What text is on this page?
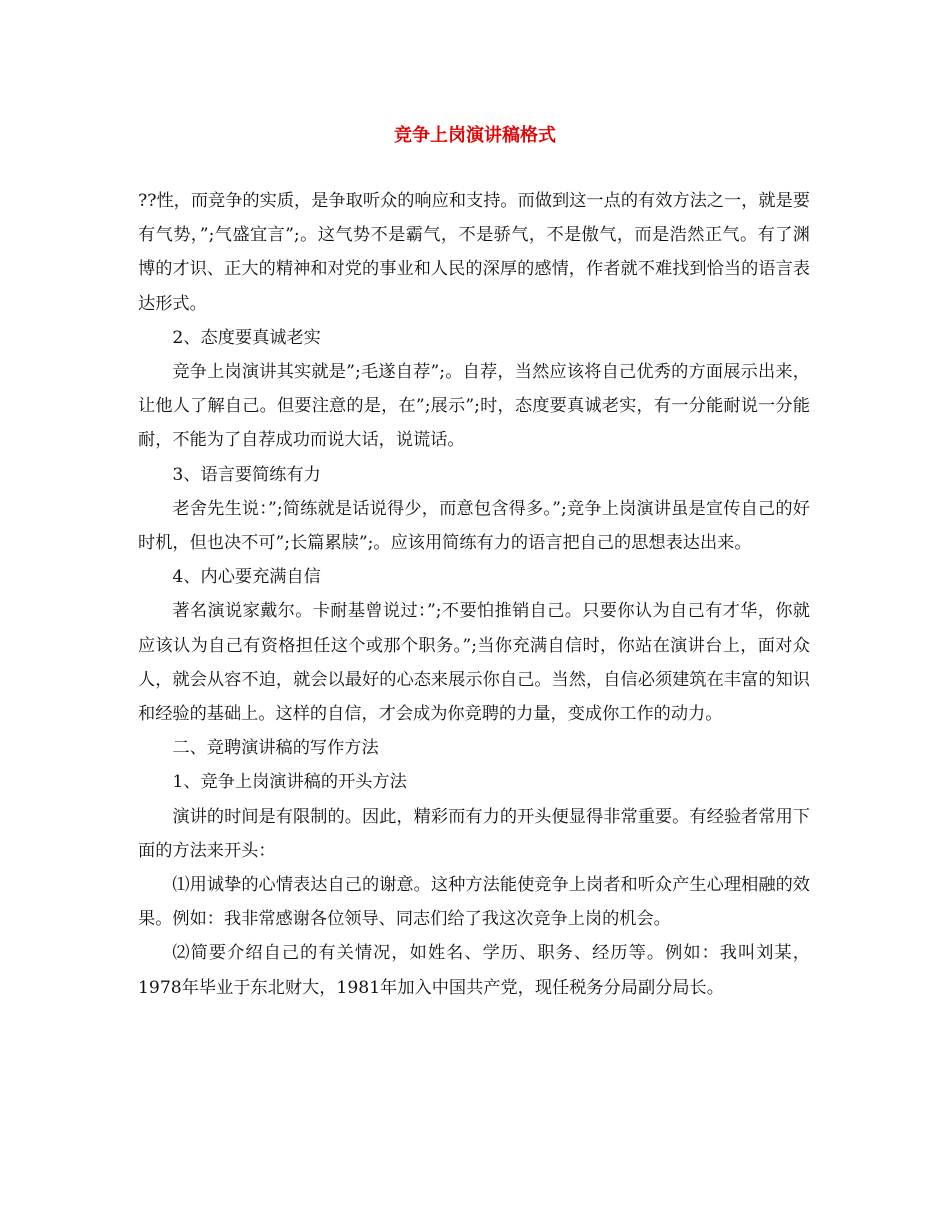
竞争上岗演讲稿格式

??性，而竞争的实质，是争取听众的响应和支持。而做到这一点的有效方法之一，就是要有气势，”;气盛宜言”;。这气势不是霸气，不是骄气，不是傲气，而是浩然正气。有了渊博的才识、正大的精神和对党的事业和人民的深厚的感情，作者就不难找到恰当的语言表达形式。

2、态度要真诚老实

竞争上岗演讲其实就是”;毛遂自荐”;。自荐，当然应该将自己优秀的方面展示出来，让他人了解自己。但要注意的是，在”;展示”;时，态度要真诚老实，有一分能耐说一分能耐，不能为了自荐成功而说大话，说谎话。

3、语言要简练有力

老舍先生说：”;简练就是话说得少，而意包含得多。”;竞争上岗演讲虽是宣传自己的好时机，但也决不可”;长篇累牍”;。应该用简练有力的语言把自己的思想表达出来。

4、内心要充满自信

著名演说家戴尔。卡耐基曾说过：”;不要怕推销自己。只要你认为自己有才华，你就应该认为自己有资格担任这个或那个职务。”;当你充满自信时，你站在演讲台上，面对众人，就会从容不迫，就会以最好的心态来展示你自己。当然，自信必须建筑在丰富的知识和经验的基础上。这样的自信，才会成为你竞聘的力量，变成你工作的动力。

二、竞聘演讲稿的写作方法

1、竞争上岗演讲稿的开头方法

演讲的时间是有限制的。因此，精彩而有力的开头便显得非常重要。有经验者常用下面的方法来开头：

⑴用诚挚的心情表达自己的谢意。这种方法能使竞争上岗者和听众产生心理相融的效果。例如：我非常感谢各位领导、同志们给了我这次竞争上岗的机会。

⑵简要介绍自己的有关情况，如姓名、学历、职务、经历等。例如：我叫刘某，1978年毕业于东北财大，1981年加入中国共产党，现任税务分局副分局长。
